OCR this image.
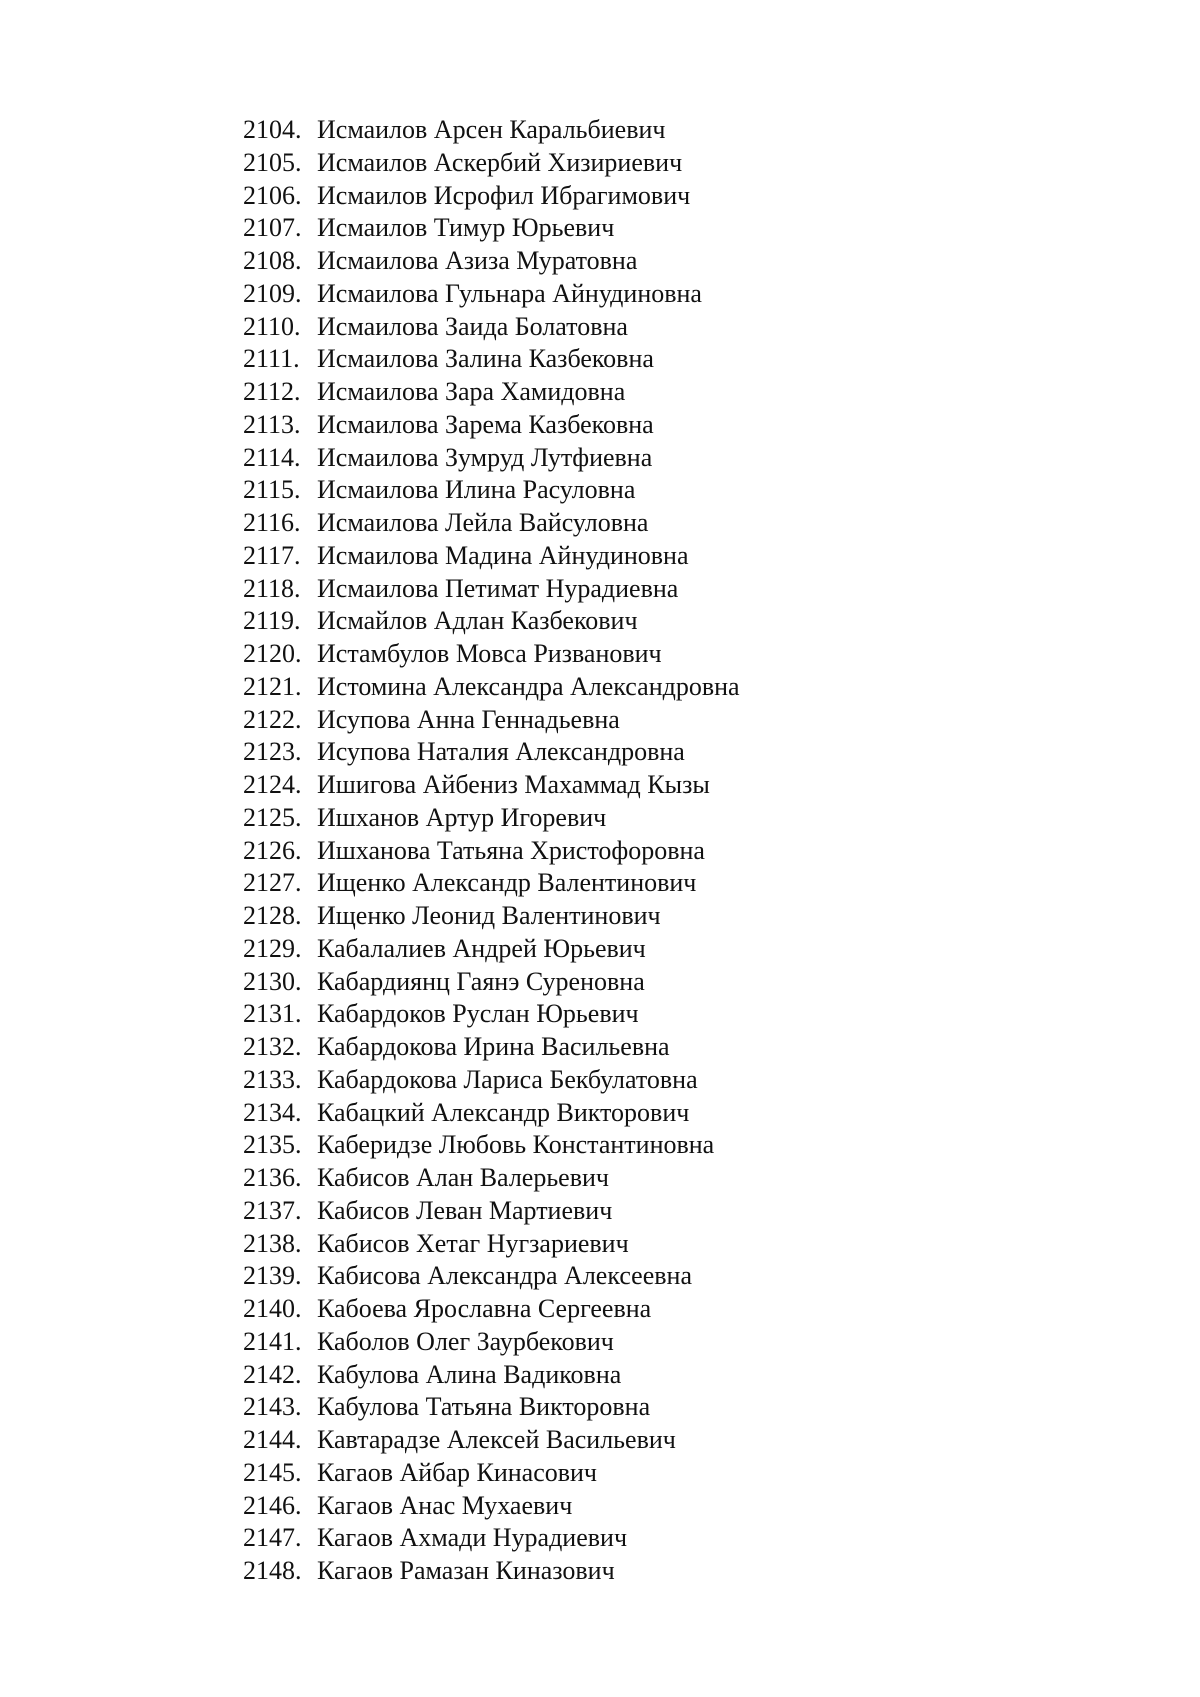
2104. Исмаилов Арсен Каральбиевич
2105. Исмаилов Аскербий Хизириевич
2106. Исмаилов Исрофил Ибрагимович
2107. Исмаилов Тимур Юрьевич
2108. Исмаилова Азиза Муратовна
2109. Исмаилова Гульнара Айнудиновна
2110. Исмаилова Заида Болатовна
2111. Исмаилова Залина Казбековна
2112. Исмаилова Зара Хамидовна
2113. Исмаилова Зарема Казбековна
2114. Исмаилова Зумруд Лутфиевна
2115. Исмаилова Илина Расуловна
2116. Исмаилова Лейла Вайсуловна
2117. Исмаилова Мадина Айнудиновна
2118. Исмаилова Петимат Нурадиевна
2119. Исмайлов Адлан Казбекович
2120. Истамбулов Мовса Ризванович
2121. Истомина Александра Александровна
2122. Исупова Анна Геннадьевна
2123. Исупова Наталия Александровна
2124. Ишигова Айбениз Махаммад Кызы
2125. Ишханов Артур Игоревич
2126. Ишханова Татьяна Христофоровна
2127. Ищенко Александр Валентинович
2128. Ищенко Леонид Валентинович
2129. Кабалалиев Андрей Юрьевич
2130. Кабардиянц Гаянэ Суреновна
2131. Кабардоков Руслан Юрьевич
2132. Кабардокова Ирина Васильевна
2133. Кабардокова Лариса Бекбулатовна
2134. Кабацкий Александр Викторович
2135. Каберидзе Любовь Константиновна
2136. Кабисов Алан Валерьевич
2137. Кабисов Леван Мартиевич
2138. Кабисов Хетаг Нугзариевич
2139. Кабисова Александра Алексеевна
2140. Кабоева Ярославна Сергеевна
2141. Каболов Олег Заурбекович
2142. Кабулова Алина Вадиковна
2143. Кабулова Татьяна Викторовна
2144. Кавтарадзе Алексей Васильевич
2145. Кагаов Айбар Кинасович
2146. Кагаов Анас Мухаевич
2147. Кагаов Ахмади Нурадиевич
2148. Кагаов Рамазан Киназович
